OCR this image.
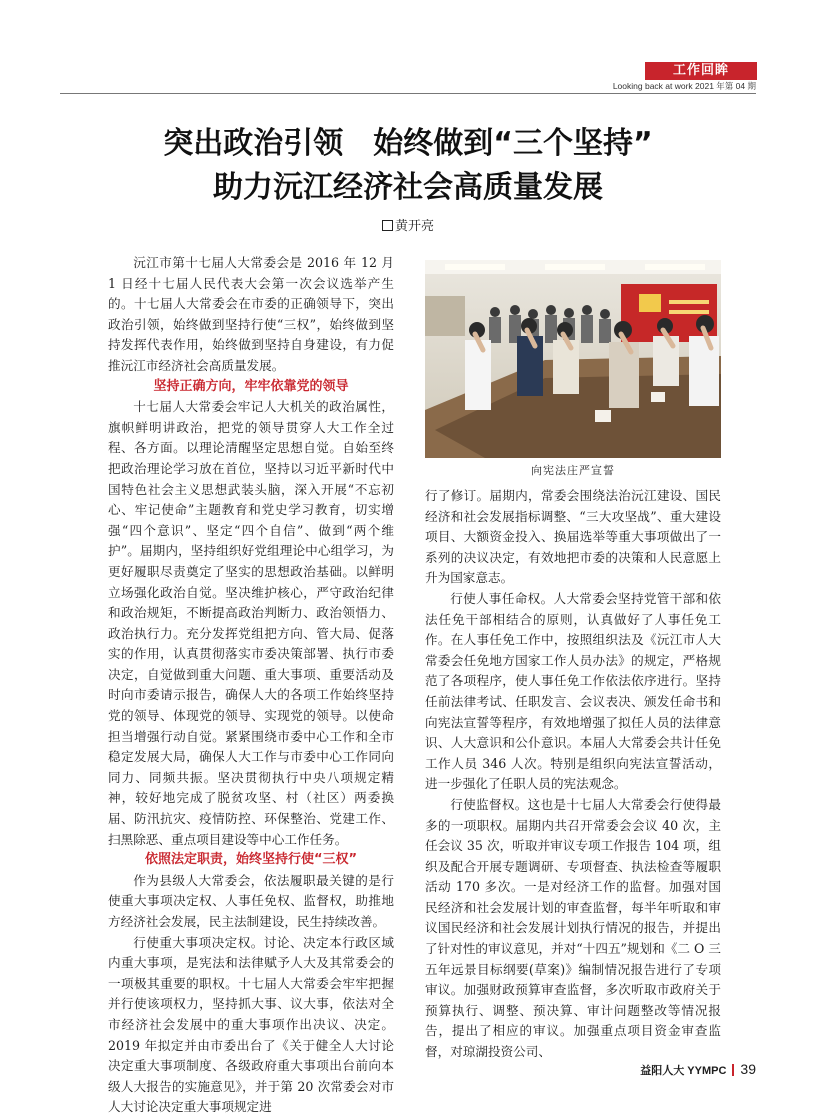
工作回眸
Looking back at work 2021 年第 04 期
突出政治引领　始终做到“三个坚持”
助力沅江经济社会高质量发展
黄开亮

沅江市第十七届人大常委会是 2016 年 12 月 1 日经十七届人民代表大会第一次会议选举产生的。十七届人大常委会在市委的正确领导下，突出政治引领，始终做到坚持行使“三权”，始终做到坚持发挥代表作用，始终做到坚持自身建设，有力促推沅江市经济社会高质量发展。

坚持正确方向，牢牢依靠党的领导

十七届人大常委会牢记人大机关的政治属性，旗帜鲜明讲政治，把党的领导贯穿人大工作全过程、各方面。以理论清醒坚定思想自觉。自始至终把政治理论学习放在首位，坚持以习近平新时代中国特色社会主义思想武装头脑，深入开展“不忘初心、牢记使命”主题教育和党史学习教育，切实增强“四个意识”、坚定“四个自信”、做到“两个维护”。届期内，坚持组织好党组理论中心组学习，为更好履职尽责奠定了坚实的思想政治基础。以鲜明立场强化政治自觉。坚决维护核心，严守政治纪律和政治规矩，不断提高政治判断力、政治领悟力、政治执行力。充分发挥党组把方向、管大局、促落实的作用，认真贯彻落实市委决策部署、执行市委决定，自觉做到重大问题、重大事项、重要活动及时向市委请示报告，确保人大的各项工作始终坚持党的领导、体现党的领导、实现党的领导。以使命担当增强行动自觉。紧紧围绕市委中心工作和全市稳定发展大局，确保人大工作与市委中心工作同向同力、同频共振。坚决贯彻执行中央八项规定精神，较好地完成了脱贫攻坚、村（社区）两委换届、防汛抗灾、疫情防控、环保整治、党建工作、扫黑除恶、重点项目建设等中心工作任务。

依照法定职责，始终坚持行使“三权”

作为县级人大常委会，依法履职最关键的是行使重大事项决定权、人事任免权、监督权，助推地方经济社会发展，民主法制建设，民生持续改善。

行使重大事项决定权。讨论、决定本行政区域内重大事项，是宪法和法律赋予人大及其常委会的一项极其重要的职权。十七届人大常委会牢牢把握并行使该项权力，坚持抓大事、议大事，依法对全市经济社会发展中的重大事项作出决议、决定。2019 年拟定并由市委出台了《关于健全人大讨论决定重大事项制度、各级政府重大事项出台前向本级人大报告的实施意见》，并于第 20 次常委会对市人大讨论决定重大事项规定进

向宪法庄严宣誓

行了修订。届期内，常委会围绕法治沅江建设、国民经济和社会发展指标调整、“三大攻坚战”、重大建设项目、大额资金投入、换届选举等重大事项做出了一系列的决议决定，有效地把市委的决策和人民意愿上升为国家意志。

行使人事任命权。人大常委会坚持党管干部和依法任免干部相结合的原则，认真做好了人事任免工作。在人事任免工作中，按照组织法及《沅江市人大常委会任免地方国家工作人员办法》的规定，严格规范了各项程序，使人事任免工作依法依序进行。坚持任前法律考试、任职发言、会议表决、颁发任命书和向宪法宣誓等程序，有效地增强了拟任人员的法律意识、人大意识和公仆意识。本届人大常委会共计任免工作人员 346 人次。特别是组织向宪法宣誓活动，进一步强化了任职人员的宪法观念。

行使监督权。这也是十七届人大常委会行使得最多的一项职权。届期内共召开常委会会议 40 次，主任会议 35 次，听取并审议专项工作报告 104 项，组织及配合开展专题调研、专项督查、执法检查等履职活动 170 多次。一是对经济工作的监督。加强对国民经济和社会发展计划的审查监督，每半年听取和审议国民经济和社会发展计划执行情况的报告，并提出了针对性的审议意见，并对“十四五”规划和《二 O 三五年远景目标纲要(草案)》编制情况报告进行了专项审议。加强财政预算审查监督，多次听取市政府关于预算执行、调整、预决算、审计问题整改等情况报告，提出了相应的审议。加强重点项目资金审查监督，对琼湖投资公司、

益阳人大 YYMPC 39
